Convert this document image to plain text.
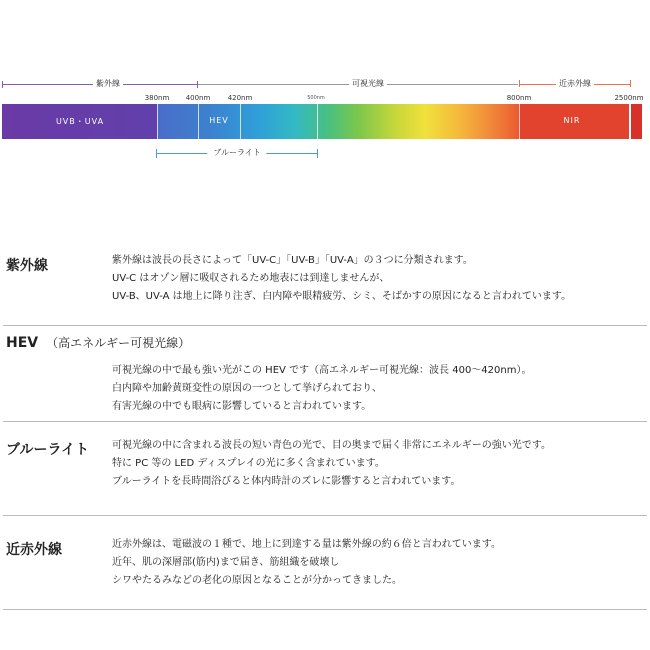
紫外線	可視光線	近赤外線
380nm 400nm 420nm	500nm	800nm	2500nm
UVB・UVA	HEV	NIR
ブルーライト
紫外線	紫外線は波長の長さによって「UV-C」「UV-B」「UV-A」の３つに分類されます。
UV-C はオゾン層に吸収されるため地表には到達しませんが、
UV-B、UV-A は地上に降り注ぎ、白内障や眼精疲労、シミ、そばかすの原因になると言われています。
HEV （高エネルギー可視光線）
可視光線の中で最も強い光がこの HEV です（高エネルギー可視光線：波長 400～420nm）。
白内障や加齢黄斑変性の原因の一つとして挙げられており、
有害光線の中でも眼病に影響していると言われています。
ブルーライト 可視光線の中に含まれる波長の短い青色の光で、目の奥まで届く非常にエネルギーの強い光です。
特に PC 等の LED ディスプレイの光に多く含まれています。
ブルーライトを長時間浴びると体内時計のズレに影響すると言われています。
近赤外線	近赤外線は、電磁波の１種で、地上に到達する量は紫外線の約６倍と言われています。
近年、肌の深層部(筋内)まで届き、筋組織を破壊し
シワやたるみなどの老化の原因となることが分かってきました。
